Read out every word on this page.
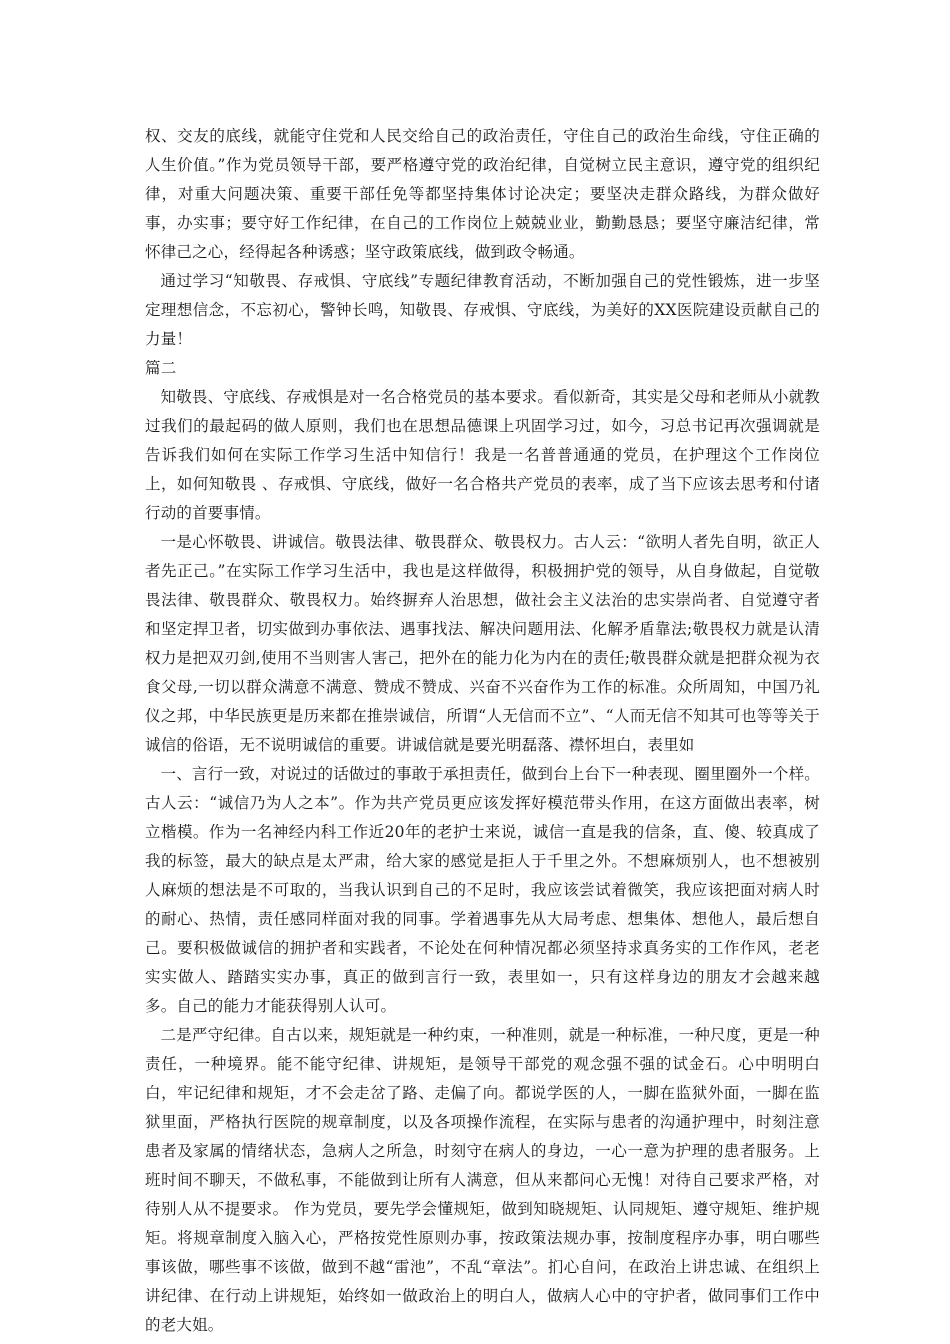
权、交友的底线，就能守住党和人民交给自己的政治责任，守住自己的政治生命线，守住正确的人生价值。”作为党员领导干部，要严格遵守党的政治纪律，自觉树立民主意识，遵守党的组织纪律，对重大问题决策、重要干部任免等都坚持集体讨论决定；要坚决走群众路线，为群众做好事，办实事；要守好工作纪律，在自己的工作岗位上兢兢业业，勤勤恳恳；要坚守廉洁纪律，常怀律己之心，经得起各种诱惑；坚守政策底线，做到政令畅通。

通过学习“知敬畏、存戒惧、守底线”专题纪律教育活动，不断加强自己的党性锻炼，进一步坚定理想信念，不忘初心，警钟长鸣，知敬畏、存戒惧、守底线，为美好的XX医院建设贡献自己的力量！

篇二

知敬畏、守底线、存戒惧是对一名合格党员的基本要求。看似新奇，其实是父母和老师从小就教过我们的最起码的做人原则，我们也在思想品德课上巩固学习过，如今，习总书记再次强调就是告诉我们如何在实际工作学习生活中知信行！我是一名普普通通的党员，在护理这个工作岗位上，如何知敬畏 、存戒惧、守底线，做好一名合格共产党员的表率，成了当下应该去思考和付诸行动的首要事情。

一是心怀敬畏、讲诚信。敬畏法律、敬畏群众、敬畏权力。古人云：“欲明人者先自明，欲正人者先正己。”在实际工作学习生活中，我也是这样做得，积极拥护党的领导，从自身做起，自觉敬畏法律、敬畏群众、敬畏权力。始终摒弃人治思想，做社会主义法治的忠实崇尚者、自觉遵守者和坚定捍卫者，切实做到办事依法、遇事找法、解决问题用法、化解矛盾靠法;敬畏权力就是认清权力是把双刃剑,使用不当则害人害己，把外在的能力化为内在的责任;敬畏群众就是把群众视为衣食父母,一切以群众满意不满意、赞成不赞成、兴奋不兴奋作为工作的标准。众所周知，中国乃礼仪之邦，中华民族更是历来都在推崇诚信，所谓“人无信而不立”、“人而无信不知其可也等等关于诚信的俗语，无不说明诚信的重要。讲诚信就是要光明磊落、襟怀坦白，表里如

一、言行一致，对说过的话做过的事敢于承担责任，做到台上台下一种表现、圈里圈外一个样。古人云：“诚信乃为人之本”。作为共产党员更应该发挥好模范带头作用，在这方面做出表率，树立楷模。作为一名神经内科工作近20年的老护士来说，诚信一直是我的信条，直、傻、较真成了我的标签，最大的缺点是太严肃，给大家的感觉是拒人于千里之外。不想麻烦别人，也不想被别人麻烦的想法是不可取的，当我认识到自己的不足时，我应该尝试着微笑，我应该把面对病人时的耐心、热情，责任感同样面对我的同事。学着遇事先从大局考虑、想集体、想他人，最后想自己。要积极做诚信的拥护者和实践者，不论处在何种情况都必须坚持求真务实的工作作风，老老实实做人、踏踏实实办事，真正的做到言行一致，表里如一，只有这样身边的朋友才会越来越多。自己的能力才能获得别人认可。

二是严守纪律。自古以来，规矩就是一种约束，一种准则，就是一种标准，一种尺度，更是一种责任，一种境界。能不能守纪律、讲规矩，是领导干部党的观念强不强的试金石。心中明明白白，牢记纪律和规矩，才不会走岔了路、走偏了向。都说学医的人，一脚在监狱外面，一脚在监狱里面，严格执行医院的规章制度，以及各项操作流程，在实际与患者的沟通护理中，时刻注意患者及家属的情绪状态，急病人之所急，时刻守在病人的身边，一心一意为护理的患者服务。上班时间不聊天，不做私事，不能做到让所有人满意，但从来都问心无愧！对待自己要求严格，对待别人从不提要求。 作为党员，要先学会懂规矩，做到知晓规矩、认同规矩、遵守规矩、维护规矩。将规章制度入脑入心，严格按党性原则办事，按政策法规办事，按制度程序办事，明白哪些事该做，哪些事不该做，做到不越“雷池”，不乱“章法”。扪心自问，在政治上讲忠诚、在组织上讲纪律、在行动上讲规矩，始终如一做政治上的明白人，做病人心中的守护者，做同事们工作中的老大姐。
